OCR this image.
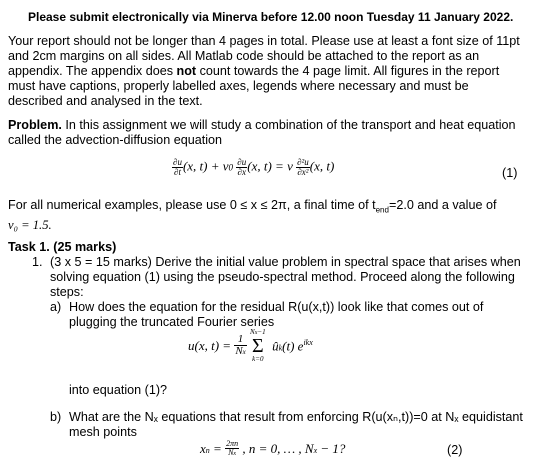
Please submit electronically via Minerva before 12.00 noon Tuesday 11 January 2022.

Your report should not be longer than 4 pages in total. Please use at least a font size of 11pt

and 2cm margins on all sides. All Matlab code should be attached to the report as an

appendix. The appendix does not count towards the 4 page limit. All figures in the report

must have captions, properly labelled axes, legends where necessary and must be

described and analysed in the text.

Problem. In this assignment we will study a combination of the transport and heat equation

called the advection-diffusion equation

$\frac{\partial u}{\partial t} (x$, $t) + v0 \frac{\partial u}{\partial x} (x$, t) = ν $\frac{\text{∂²u}}{\text{∂x²}} (x$, t)	(1)

For all numerical examples, please use 0 ≤ x ≤ 2π, a final time of $t_{end}=2.0$ and a value of

v₀ = 1.5.

Task 1. (25 marks)
1. (3 x 5 = 15 marks) Derive the initial value problem in spectral space that arises when

solving equation (1) using the pseudo-spectral method. Proceed along the following

steps:

a) How does the equation for the residual R(u(x,t)) look like that comes out of

plugging the truncated Fourier series

u(x, $t) = \frac{1}{Nx}$

Nx−1
Σ
k=0
ûk(t) $e^{ikx}$
into equation (1)?
b) What are the Nₓ equations that result from enforcing R(u(xₙ,t))=0 at Nₓ equidistant

mesh points

xn = $\frac{2\pi n}{Nx}$ , n = 0, … , Nx − 1?	(2)
